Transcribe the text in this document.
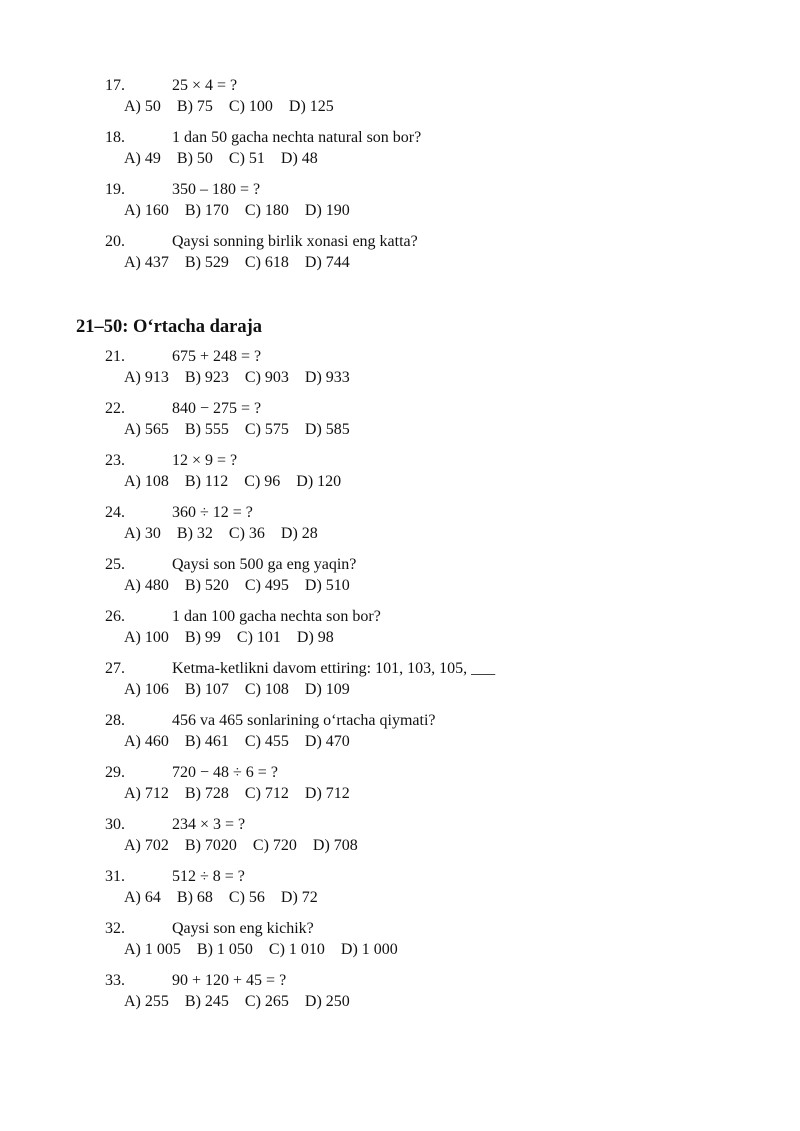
17.	25 × 4 = ?
A) 50 B) 75 C) 100 D) 125
18.	1 dan 50 gacha nechta natural son bor?
A) 49 B) 50 C) 51 D) 48
19.	350 – 180 = ?
A) 160 B) 170 C) 180 D) 190
20.	Qaysi sonning birlik xonasi eng katta?
A) 437 B) 529 C) 618 D) 744
21–50: O‘rtacha daraja
21.	675 + 248 = ?
A) 913 B) 923 C) 903 D) 933
22.	840 − 275 = ?
A) 565 B) 555 C) 575 D) 585
23.	12 × 9 = ?
A) 108 B) 112 C) 96 D) 120
24.	360 ÷ 12 = ?
A) 30 B) 32 C) 36 D) 28
25.	Qaysi son 500 ga eng yaqin?
A) 480 B) 520 C) 495 D) 510
26.	1 dan 100 gacha nechta son bor?
A) 100 B) 99 C) 101 D) 98
27.	Ketma-ketlikni davom ettiring: 101, 103, 105, ___
A) 106 B) 107 C) 108 D) 109
28.	456 va 465 sonlarining o‘rtacha qiymati?
A) 460 B) 461 C) 455 D) 470
29.	720 − 48 ÷ 6 = ?
A) 712 B) 728 C) 712 D) 712
30.	234 × 3 = ?
A) 702 B) 7020 C) 720 D) 708
31.	512 ÷ 8 = ?
A) 64 B) 68 C) 56 D) 72
32.	Qaysi son eng kichik?
A) 1 005 B) 1 050 C) 1 010 D) 1 000
33.	90 + 120 + 45 = ?
A) 255 B) 245 C) 265 D) 250
